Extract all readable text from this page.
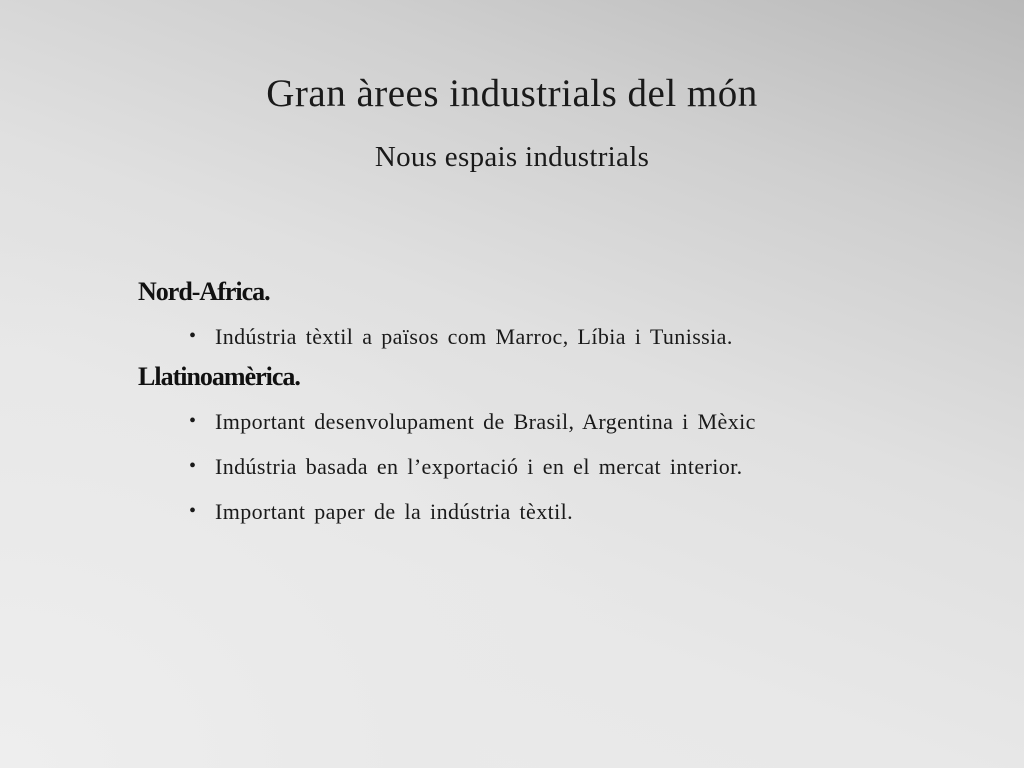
Gran àrees industrials del món
Nous espais industrials
Nord-Africa.
• Indústria tèxtil a països com Marroc, Líbia i Tunissia.
Llatinoamèrica.
• Important desenvolupament de Brasil, Argentina i Mèxic
• Indústria basada en l’exportació i en el mercat interior.
• Important paper de la indústria tèxtil.
